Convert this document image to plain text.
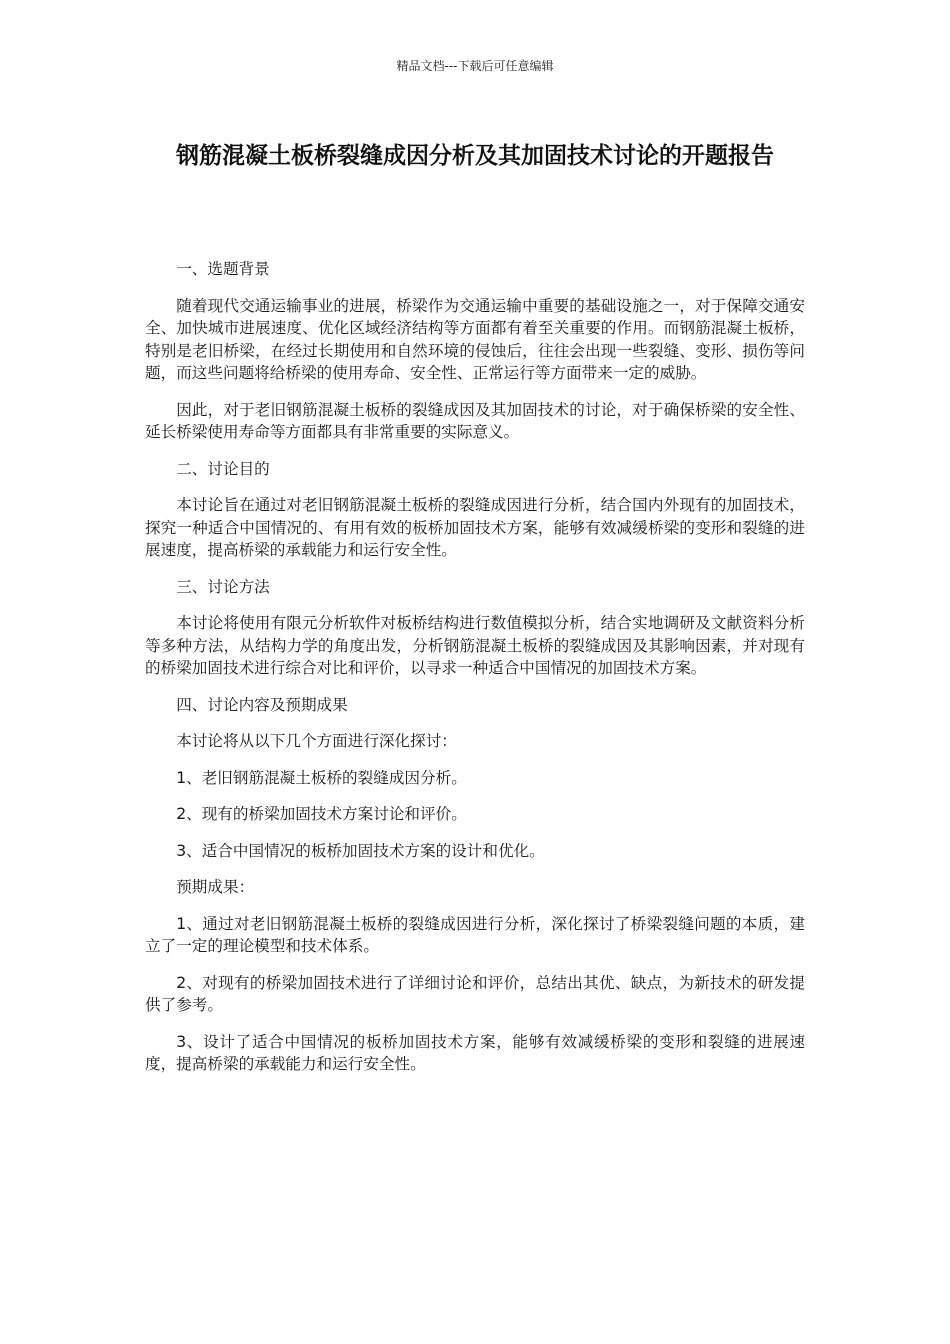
精品文档---下载后可任意编辑
钢筋混凝土板桥裂缝成因分析及其加固技术讨论的开题报告

一、选题背景

随着现代交通运输事业的进展，桥梁作为交通运输中重要的基础设施之一，对于保障交通安全、加快城市进展速度、优化区域经济结构等方面都有着至关重要的作用。而钢筋混凝土板桥，特别是老旧桥梁，在经过长期使用和自然环境的侵蚀后，往往会出现一些裂缝、变形、损伤等问题，而这些问题将给桥梁的使用寿命、安全性、正常运行等方面带来一定的威胁。

因此，对于老旧钢筋混凝土板桥的裂缝成因及其加固技术的讨论，对于确保桥梁的安全性、延长桥梁使用寿命等方面都具有非常重要的实际意义。

二、讨论目的

本讨论旨在通过对老旧钢筋混凝土板桥的裂缝成因进行分析，结合国内外现有的加固技术，探究一种适合中国情况的、有用有效的板桥加固技术方案，能够有效减缓桥梁的变形和裂缝的进展速度，提高桥梁的承载能力和运行安全性。

三、讨论方法

本讨论将使用有限元分析软件对板桥结构进行数值模拟分析，结合实地调研及文献资料分析等多种方法，从结构力学的角度出发，分析钢筋混凝土板桥的裂缝成因及其影响因素，并对现有的桥梁加固技术进行综合对比和评价，以寻求一种适合中国情况的加固技术方案。

四、讨论内容及预期成果

本讨论将从以下几个方面进行深化探讨：

1、老旧钢筋混凝土板桥的裂缝成因分析。

2、现有的桥梁加固技术方案讨论和评价。

3、适合中国情况的板桥加固技术方案的设计和优化。

预期成果：

1、通过对老旧钢筋混凝土板桥的裂缝成因进行分析，深化探讨了桥梁裂缝问题的本质，建立了一定的理论模型和技术体系。

2、对现有的桥梁加固技术进行了详细讨论和评价，总结出其优、缺点，为新技术的研发提供了参考。

3、设计了适合中国情况的板桥加固技术方案，能够有效减缓桥梁的变形和裂缝的进展速度，提高桥梁的承载能力和运行安全性。
